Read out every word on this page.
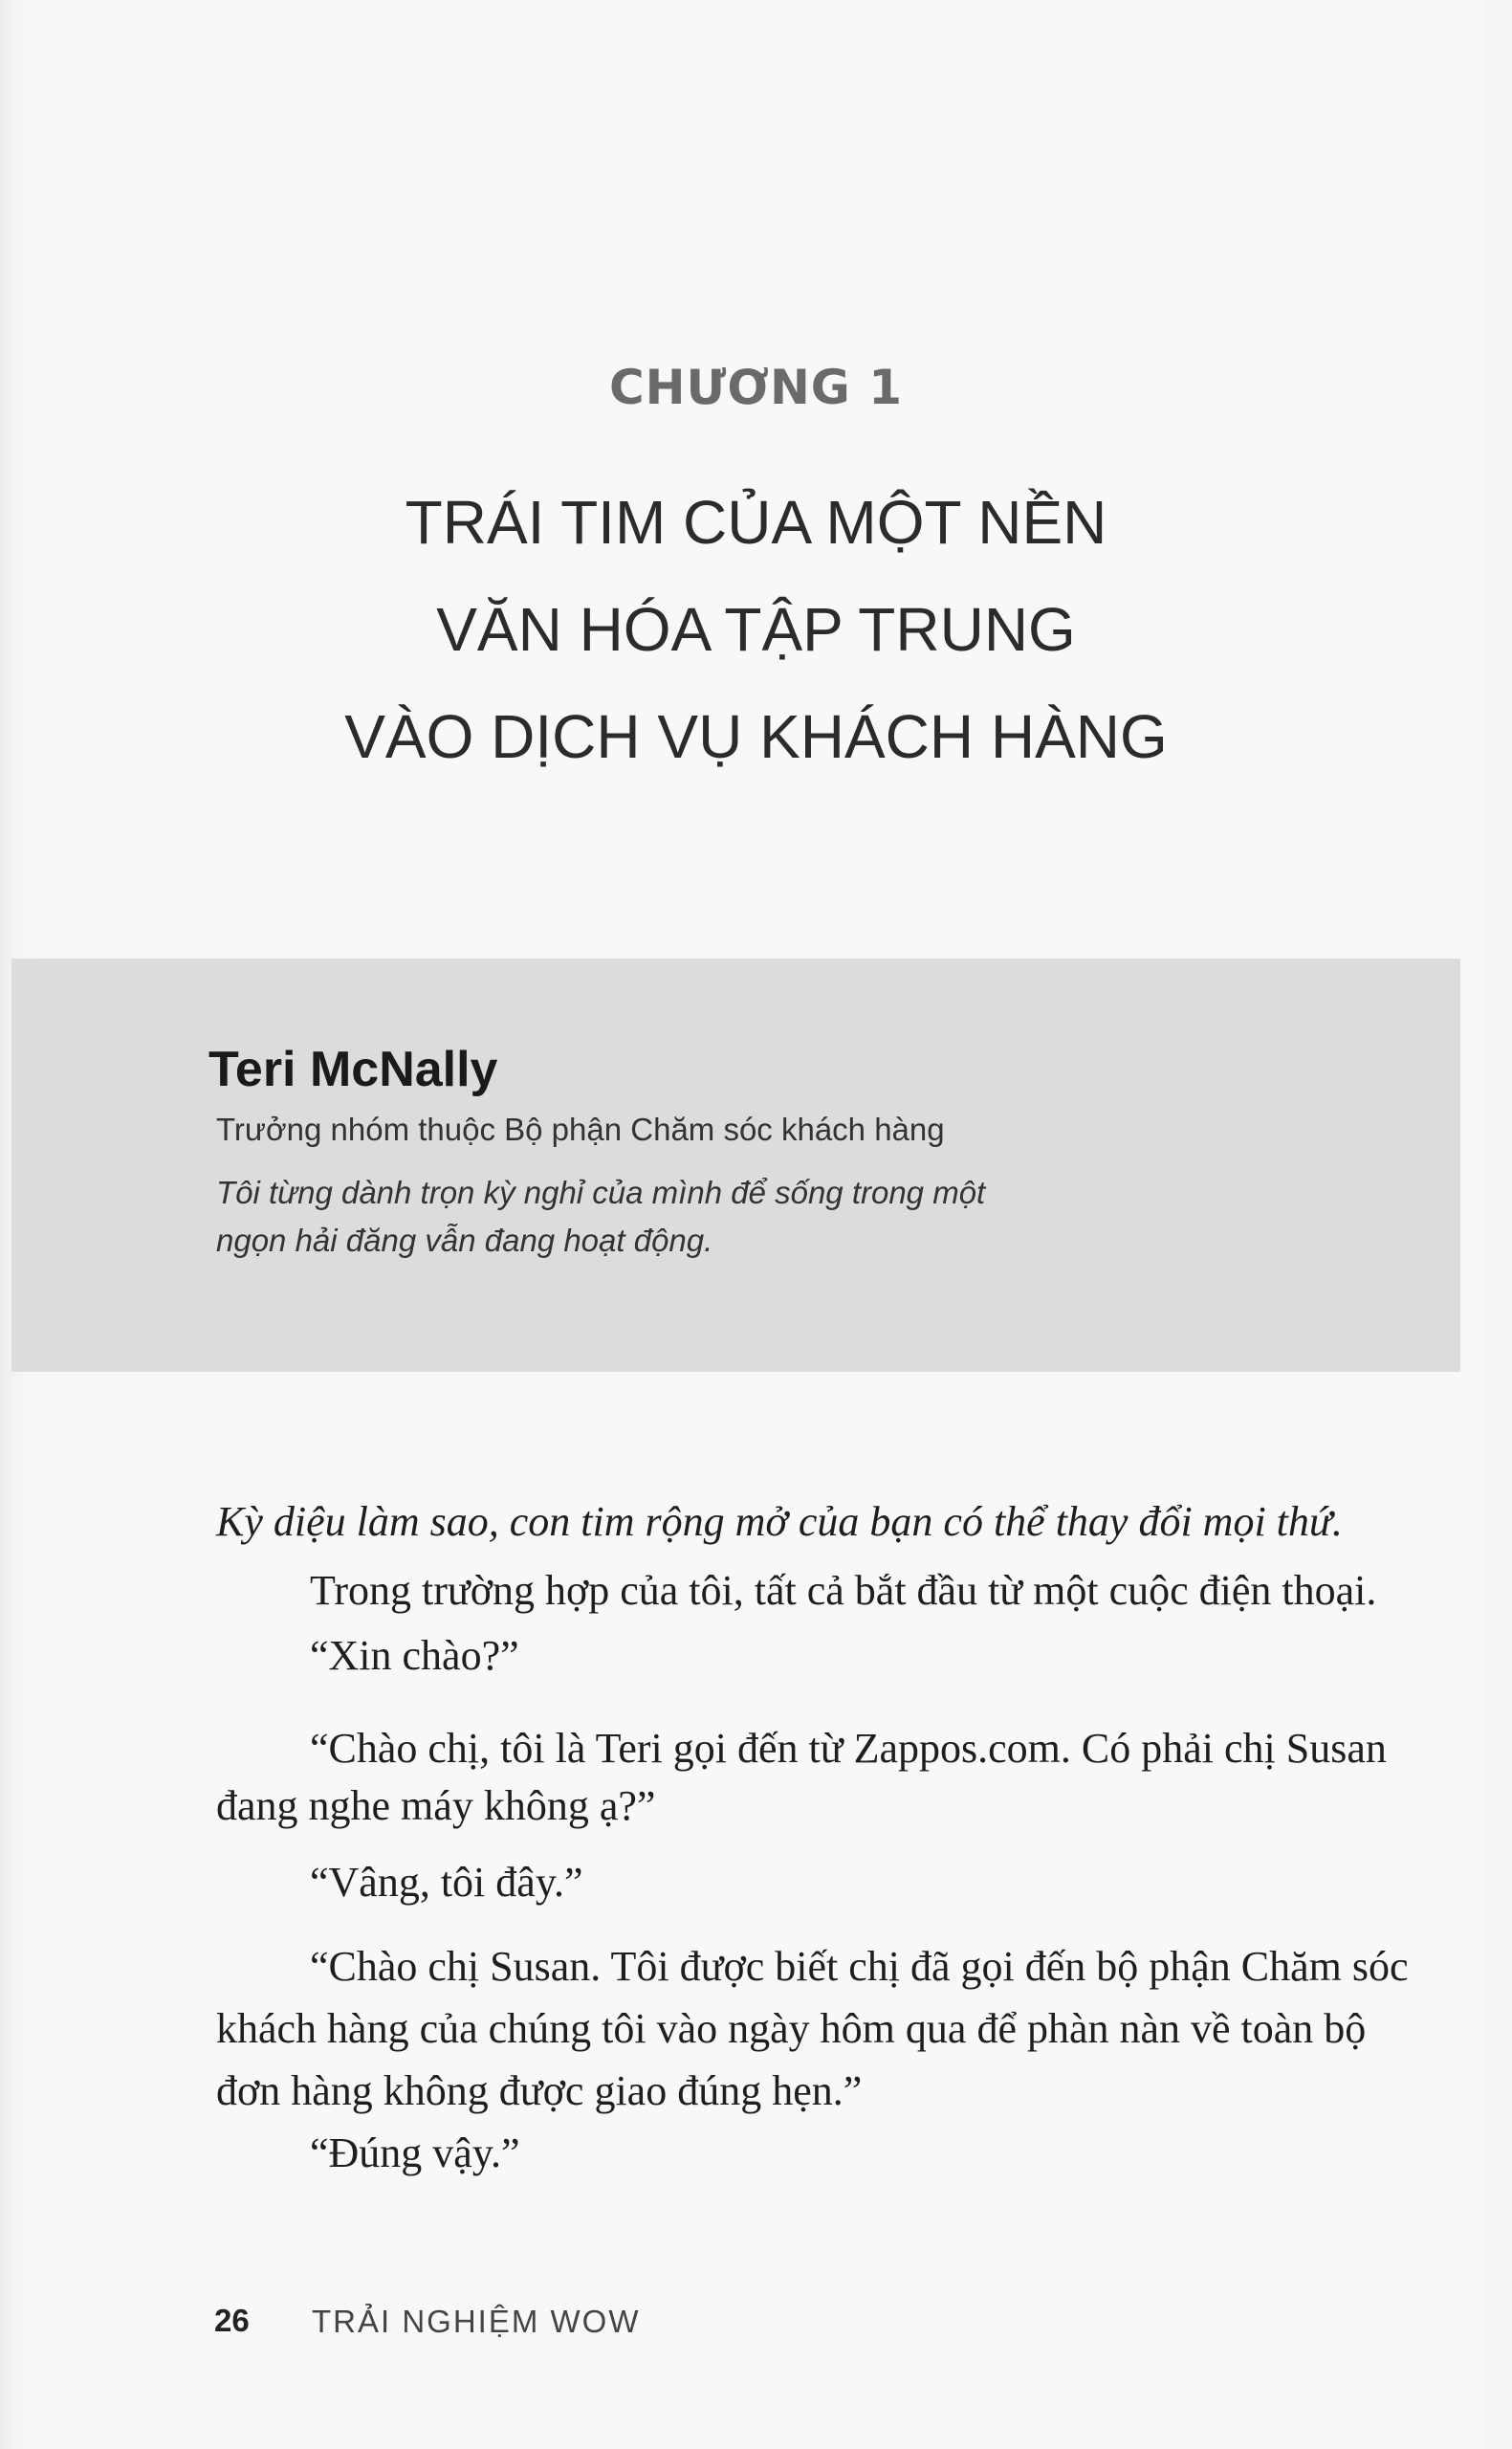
CHƯƠNG 1
TRÁI TIM CỦA MỘT NỀN
VĂN HÓA TẬP TRUNG
VÀO DỊCH VỤ KHÁCH HÀNG
Teri McNally
Trưởng nhóm thuộc Bộ phận Chăm sóc khách hàng
Tôi từng dành trọn kỳ nghỉ của mình để sống trong một
ngọn hải đăng vẫn đang hoạt động.
Kỳ diệu làm sao, con tim rộng mở của bạn có thể thay đổi mọi thứ.
Trong trường hợp của tôi, tất cả bắt đầu từ một cuộc điện thoại.
“Xin chào?”
“Chào chị, tôi là Teri gọi đến từ Zappos.com. Có phải chị Susan
đang nghe máy không ạ?”
“Vâng, tôi đây.”
“Chào chị Susan. Tôi được biết chị đã gọi đến bộ phận Chăm sóc
khách hàng của chúng tôi vào ngày hôm qua để phàn nàn về toàn bộ
đơn hàng không được giao đúng hẹn.”
“Đúng vậy.”
26 TRẢI NGHIỆM WOW
